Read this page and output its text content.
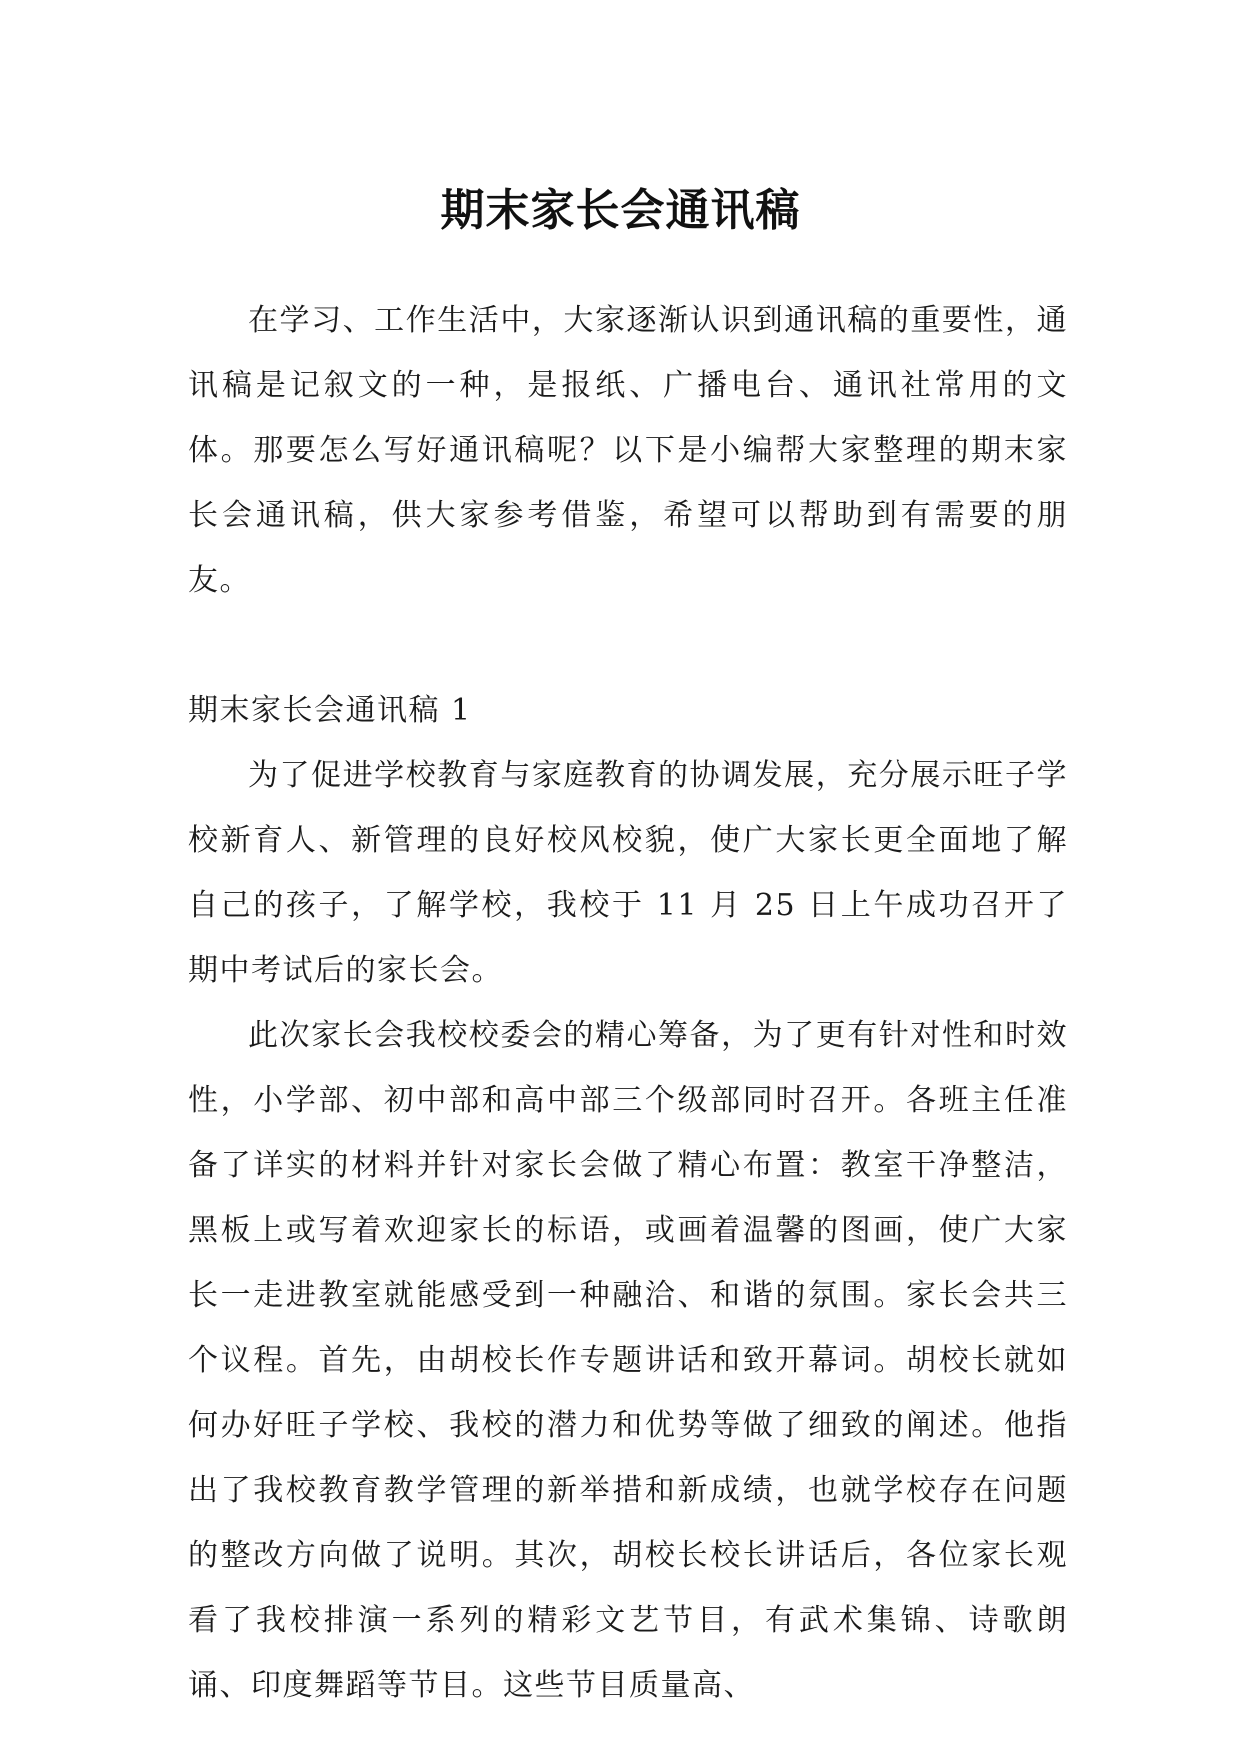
期末家长会通讯稿

在学习、工作生活中，大家逐渐认识到通讯稿的重要性，通讯稿是记叙文的一种，是报纸、广播电台、通讯社常用的文体。那要怎么写好通讯稿呢？以下是小编帮大家整理的期末家长会通讯稿，供大家参考借鉴，希望可以帮助到有需要的朋友。

期末家长会通讯稿 1

为了促进学校教育与家庭教育的协调发展，充分展示旺子学校新育人、新管理的良好校风校貌，使广大家长更全面地了解自己的孩子，了解学校，我校于 11 月 25 日上午成功召开了期中考试后的家长会。

此次家长会我校校委会的精心筹备，为了更有针对性和时效性，小学部、初中部和高中部三个级部同时召开。各班主任准备了详实的材料并针对家长会做了精心布置：教室干净整洁，黑板上或写着欢迎家长的标语，或画着温馨的图画，使广大家长一走进教室就能感受到一种融洽、和谐的氛围。家长会共三个议程。首先，由胡校长作专题讲话和致开幕词。胡校长就如何办好旺子学校、我校的潜力和优势等做了细致的阐述。他指出了我校教育教学管理的新举措和新成绩，也就学校存在问题的整改方向做了说明。其次，胡校长校长讲话后，各位家长观看了我校排演一系列的精彩文艺节目，有武术集锦、诗歌朗诵、印度舞蹈等节目。这些节目质量高、
